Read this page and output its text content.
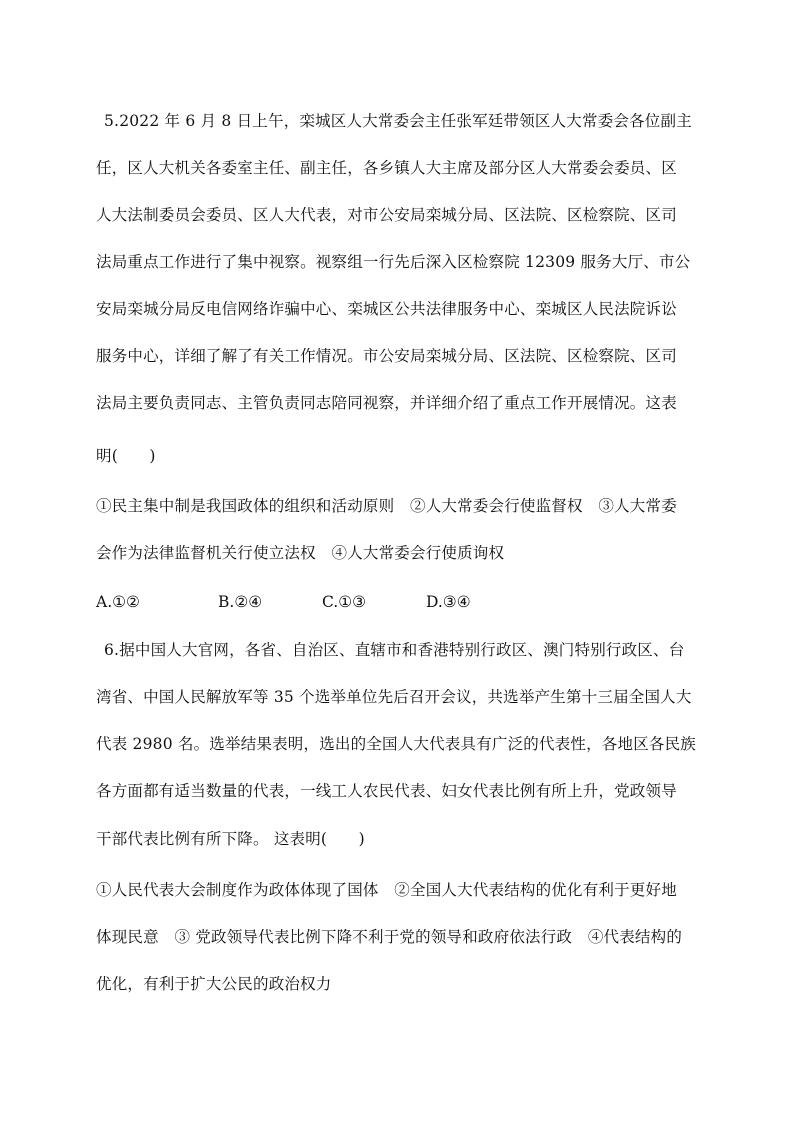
5.2022 年 6 月 8 日上午，栾城区人大常委会主任张军廷带领区人大常委会各位副主
任，区人大机关各委室主任、副主任，各乡镇人大主席及部分区人大常委会委员、区
人大法制委员会委员、区人大代表，对市公安局栾城分局、区法院、区检察院、区司
法局重点工作进行了集中视察。视察组一行先后深入区检察院 12309 服务大厅、市公
安局栾城分局反电信网络诈骗中心、栾城区公共法律服务中心、栾城区人民法院诉讼
服务中心，详细了解了有关工作情况。市公安局栾城分局、区法院、区检察院、区司
法局主要负责同志、主管负责同志陪同视察，并详细介绍了重点工作开展情况。这表
明(　　)
①民主集中制是我国政体的组织和活动原则　②人大常委会行使监督权　③人大常委
会作为法律监督机关行使立法权　④人大常委会行使质询权
A.①②	B.②④	C.①③	D.③④
6.据中国人大官网，各省、自治区、直辖市和香港特别行政区、澳门特别行政区、台
湾省、中国人民解放军等 35 个选举单位先后召开会议，共选举产生第十三届全国人大
代表 2980 名。选举结果表明，选出的全国人大代表具有广泛的代表性，各地区各民族
各方面都有适当数量的代表，一线工人农民代表、妇女代表比例有所上升，党政领导
干部代表比例有所下降。 这表明(　　)
①人民代表大会制度作为政体体现了国体　②全国人大代表结构的优化有利于更好地
体现民意　③ 党政领导代表比例下降不利于党的领导和政府依法行政　④代表结构的
优化，有利于扩大公民的政治权力
